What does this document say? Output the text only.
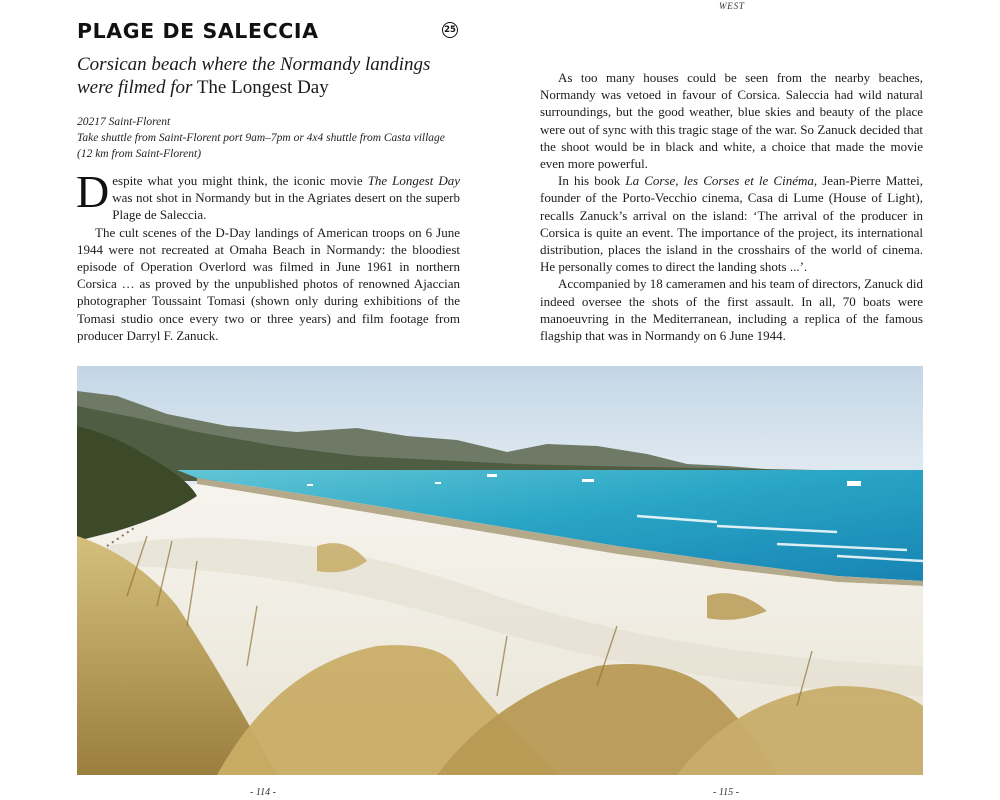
WEST
PLAGE DE SALECCIA	25
Corsican beach where the Normandy landings were filmed for The Longest Day

20217 Saint-Florent

Take shuttle from Saint-Florent port 9am–7pm or 4x4 shuttle from Casta village (12 km from Saint-Florent)

Despite what you might think, the iconic movie The Longest Day was not shot in Normandy but in the Agriates desert on the superb Plage de Saleccia.

The cult scenes of the D-Day landings of American troops on 6 June 1944 were not recreated at Omaha Beach in Normandy: the bloodiest episode of Operation Overlord was filmed in June 1961 in northern Corsica … as proved by the unpublished photos of renowned Ajaccian photographer Toussaint Tomasi (shown only during exhibitions of the Tomasi studio once every two or three years) and film footage from producer Darryl F. Zanuck.

As too many houses could be seen from the nearby beaches, Normandy was vetoed in favour of Corsica. Saleccia had wild natural surroundings, but the good weather, blue skies and beauty of the place were out of sync with this tragic stage of the war. So Zanuck decided that the shoot would be in black and white, a choice that made the movie even more powerful.

In his book La Corse, les Corses et le Cinéma, Jean-Pierre Mattei, founder of the Porto-Vecchio cinema, Casa di Lume (House of Light), recalls Zanuck’s arrival on the island: ‘The arrival of the producer in Corsica is quite an event. The importance of the project, its international distribution, places the island in the crosshairs of the world of cinema. He personally comes to direct the landing shots ...’.

Accompanied by 18 cameramen and his team of directors, Zanuck did indeed oversee the shots of the first assault. In all, 70 boats were manoeuvring in the Mediterranean, including a replica of the famous flagship that was in Normandy on 6 June 1944.

- 114 -	- 115 -
